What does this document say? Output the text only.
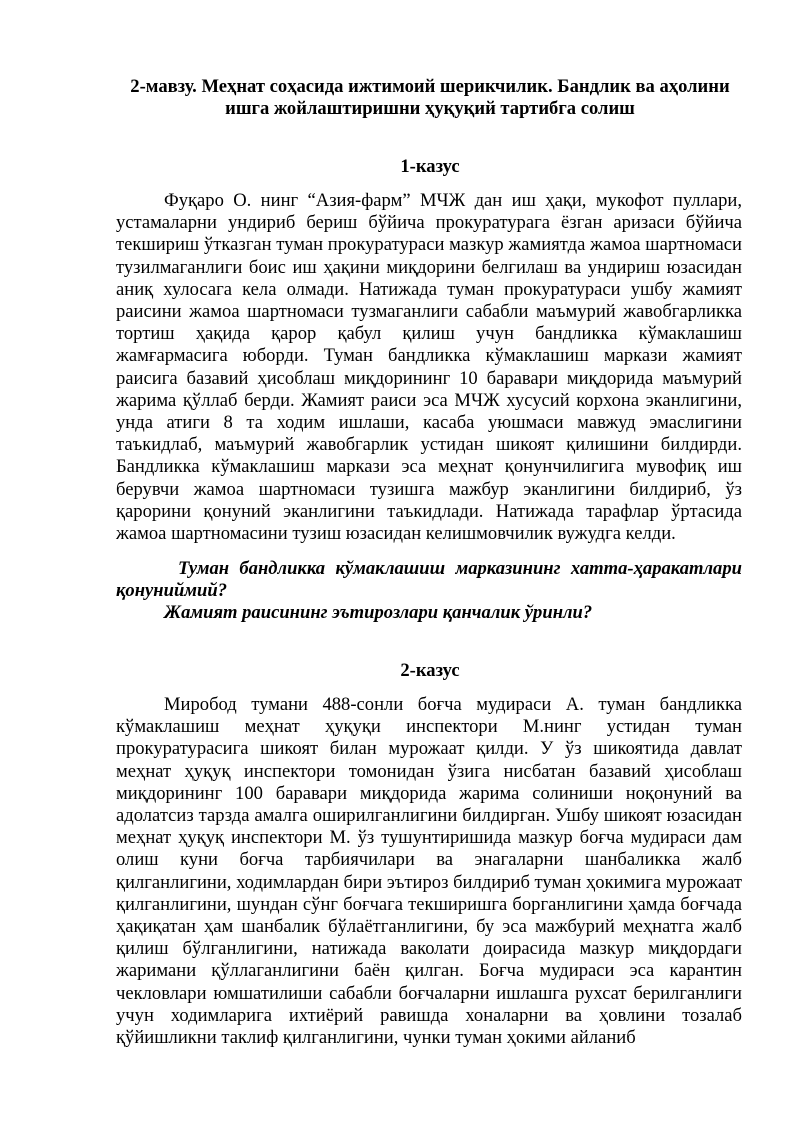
2-мавзу. Меҳнат соҳасида ижтимоий шерикчилик. Бандлик ва аҳолини ишга жойлаштиришни ҳуқуқий тартибга солиш
1-казус

Фуқаро О. нинг “Азия-фарм” МЧЖ дан иш ҳақи, мукофот пуллари, устамаларни ундириб бериш бўйича прокуратурага ёзган аризаси бўйича текшириш ўтказган туман прокуратураси мазкур жамиятда жамоа шартномаси тузилмаганлиги боис иш ҳақини миқдорини белгилаш ва ундириш юзасидан аниқ хулосага кела олмади. Натижада туман прокуратураси ушбу жамият раисини жамоа шартномаси тузмаганлиги сабабли маъмурий жавобгарликка тортиш ҳақида қарор қабул қилиш учун бандликка кўмаклашиш жамғармасига юборди. Туман бандликка кўмаклашиш маркази жамият раисига базавий ҳисоблаш миқдорининг 10 баравари миқдорида маъмурий жарима қўллаб берди. Жамият раиси эса МЧЖ хусусий корхона эканлигини, унда атиги 8 та ходим ишлаши, касаба уюшмаси мавжуд эмаслигини таъкидлаб, маъмурий жавобгарлик устидан шикоят қилишини билдирди. Бандликка кўмаклашиш маркази эса меҳнат қонунчилигига мувофиқ иш берувчи жамоа шартномаси тузишга мажбур эканлигини билдириб, ўз қарорини қонуний эканлигини таъкидлади. Натижада тарафлар ўртасида жамоа шартномасини тузиш юзасидан келишмовчилик вужудга келди.

Туман бандликка кўмаклашиш марказининг хатта-ҳаракатлари қонуниймий?

Жамият раисининг эътирозлари қанчалик ўринли?

2-казус

Миробод тумани 488-сонли боғча мудираси А. туман бандликка кўмаклашиш меҳнат ҳуқуқи инспектори М.нинг устидан туман прокуратурасига шикоят билан мурожаат қилди. У ўз шикоятида давлат меҳнат ҳуқуқ инспектори томонидан ўзига нисбатан базавий ҳисоблаш миқдорининг 100 баравари миқдорида жарима солиниши ноқонуний ва адолатсиз тарзда амалга оширилганлигини билдирган. Ушбу шикоят юзасидан меҳнат ҳуқуқ инспектори М. ўз тушунтиришида мазкур боғча мудираси дам олиш куни боғча тарбиячилари ва энагаларни шанбаликка жалб қилганлигини, ходимлардан бири эътироз билдириб туман ҳокимига мурожаат қилганлигини, шундан сўнг боғчага текширишга борганлигини ҳамда боғчада ҳақиқатан ҳам шанбалик бўлаётганлигини, бу эса мажбурий меҳнатга жалб қилиш бўлганлигини, натижада ваколати доирасида мазкур миқдордаги жаримани қўллаганлигини баён қилган. Боғча мудираси эса карантин чекловлари юмшатилиши сабабли боғчаларни ишлашга рухсат берилганлиги учун ходимларига ихтиёрий равишда хоналарни ва ҳовлини тозалаб қўйишликни таклиф қилганлигини, чунки туман ҳокими айланиб
